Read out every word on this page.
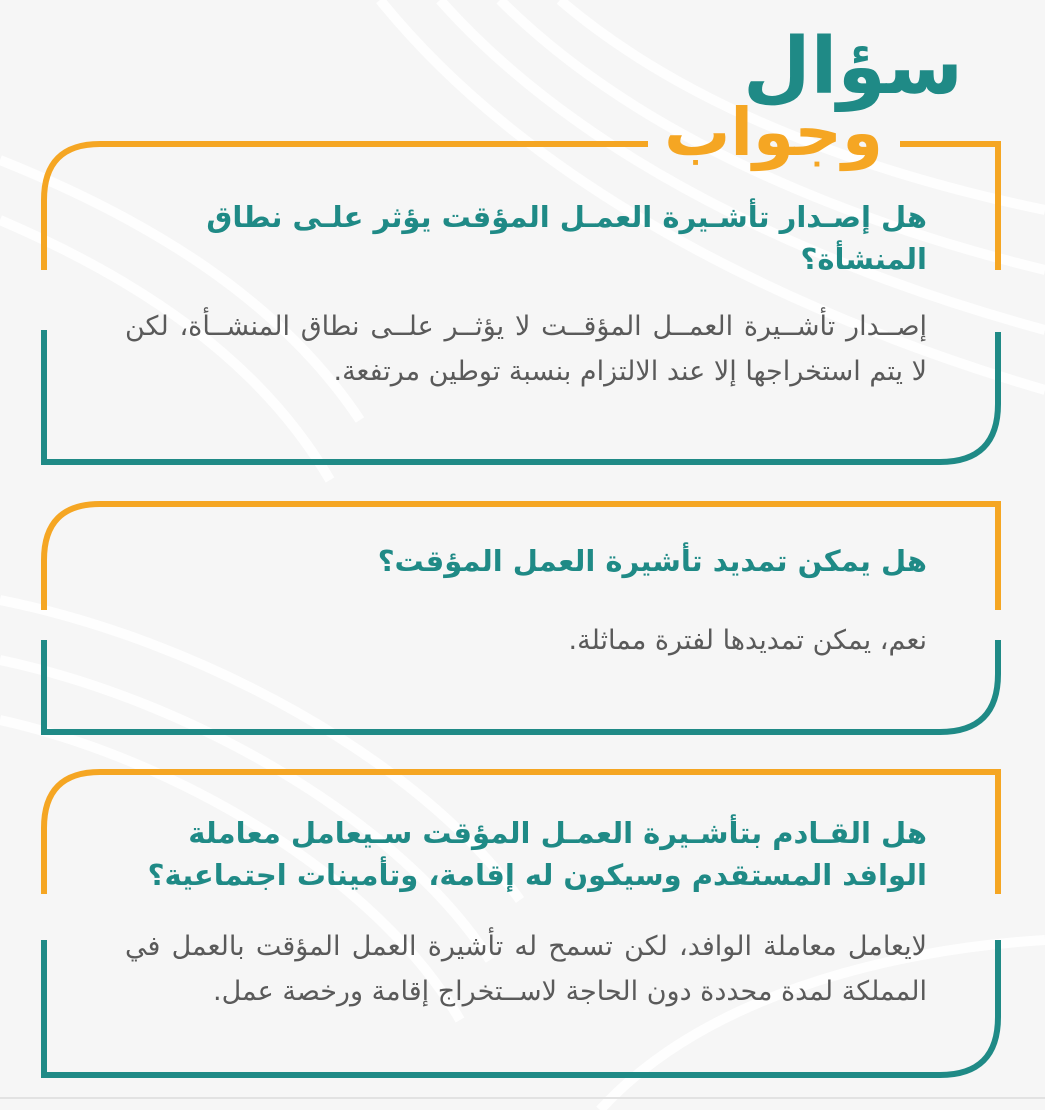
سؤال
وجواب

هل إصـدار تأشـيرة العمـل المؤقت يؤثر علـى نطاق المنشأة؟

إصــدار تأشــيرة العمــل المؤقــت لا يؤثــر علــى نطاق المنشــأة، لكن لا يتم استخراجها إلا عند الالتزام بنسبة توطين مرتفعة.

هل يمكن تمديد تأشيرة العمل المؤقت؟

نعم، يمكن تمديدها لفترة مماثلة.

هل القـادم بتأشـيرة العمـل المؤقت سـيعامل معاملة الوافد المستقدم وسيكون له إقامة، وتأمينات اجتماعية؟

لايعامل معاملة الوافد، لكن تسمح له تأشيرة العمل المؤقت بالعمل في المملكة لمدة محددة دون الحاجة لاســتخراج إقامة ورخصة عمل.
